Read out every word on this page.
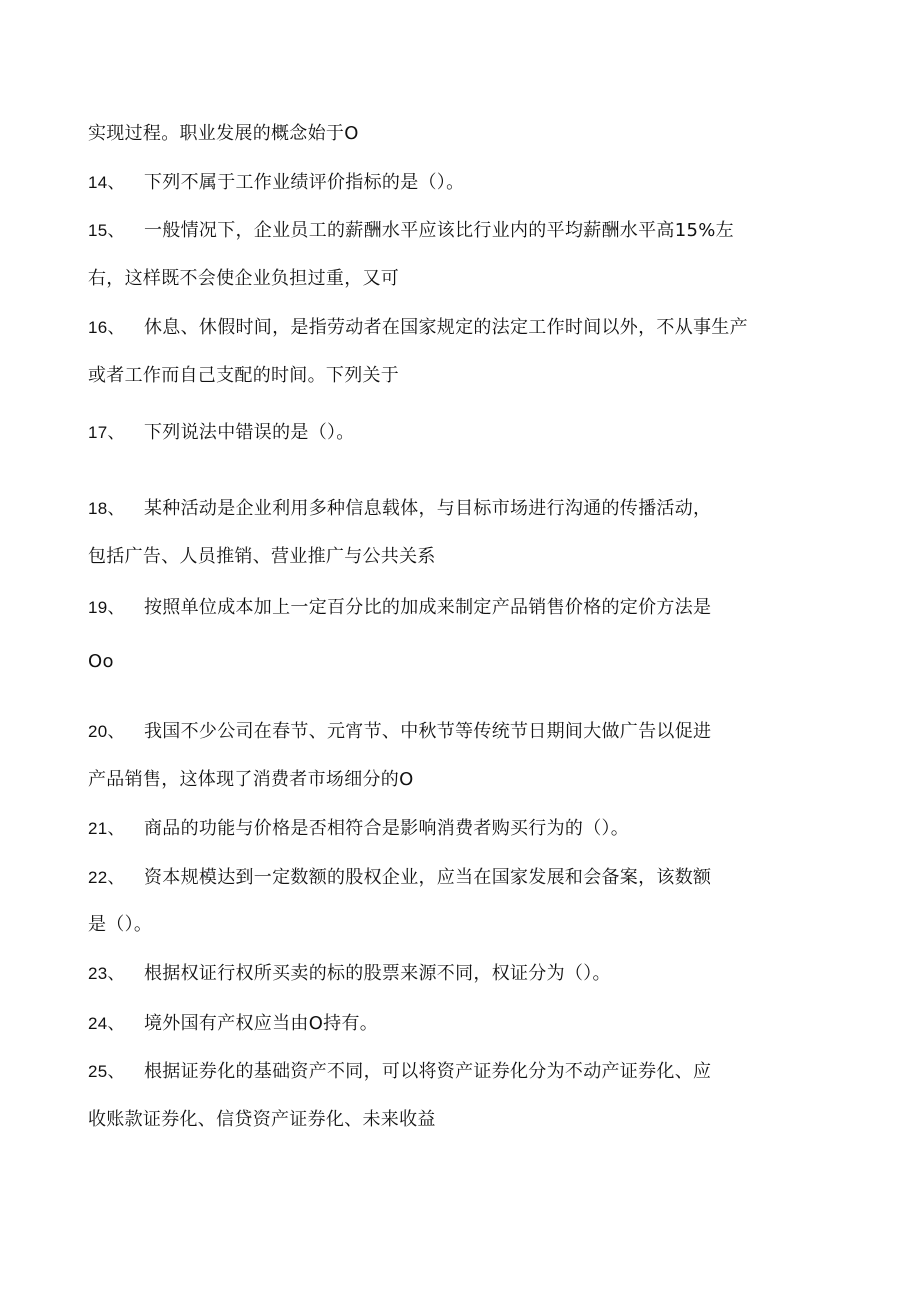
实现过程。职业发展的概念始于O
14、 下列不属于工作业绩评价指标的是（）。
15、 一般情况下，企业员工的薪酬水平应该比行业内的平均薪酬水平高15%左
右，这样既不会使企业负担过重，又可
16、 休息、休假时间，是指劳动者在国家规定的法定工作时间以外，不从事生产
或者工作而自己支配的时间。下列关于
17、 下列说法中错误的是（）。
18、 某种活动是企业利用多种信息载体，与目标市场进行沟通的传播活动，
包括广告、人员推销、营业推广与公共关系
19、 按照单位成本加上一定百分比的加成来制定产品销售价格的定价方法是
Oo
20、 我国不少公司在春节、元宵节、中秋节等传统节日期间大做广告以促进
产品销售，这体现了消费者市场细分的O
21、 商品的功能与价格是否相符合是影响消费者购买行为的（）。
22、 资本规模达到一定数额的股权企业，应当在国家发展和会备案，该数额
是（）。
23、 根据权证行权所买卖的标的股票来源不同，权证分为（）。
24、 境外国有产权应当由O持有。
25、 根据证券化的基础资产不同，可以将资产证券化分为不动产证券化、应
收账款证券化、信贷资产证券化、未来收益
